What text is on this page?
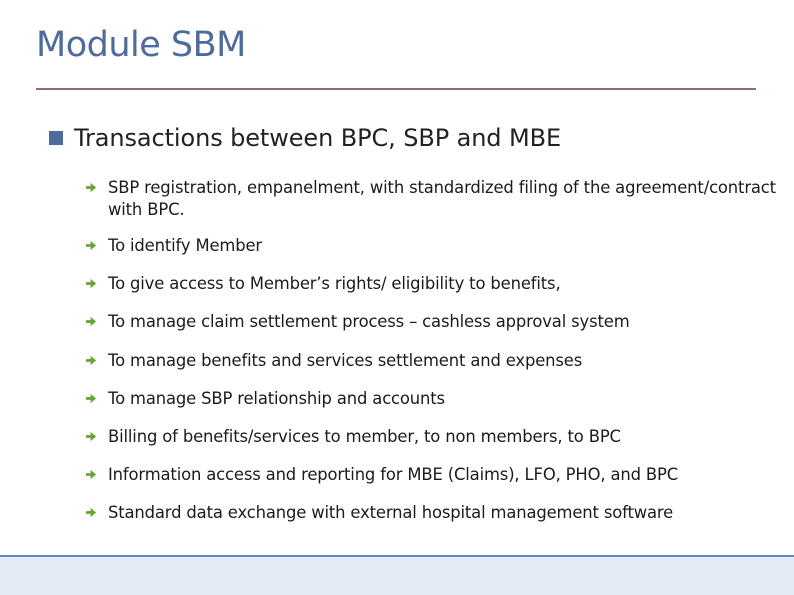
Module SBM
Transactions between BPC, SBP and MBE
SBP registration, empanelment, with standardized filing of the agreement/contract with BPC.
To identify Member
To give access to Member’s rights/ eligibility to benefits,
To manage claim settlement process – cashless approval system
To manage benefits and services settlement and expenses
To manage SBP relationship and accounts
Billing of benefits/services to member, to non members, to BPC
Information access and reporting for MBE (Claims), LFO, PHO, and BPC
Standard data exchange with external hospital management software
